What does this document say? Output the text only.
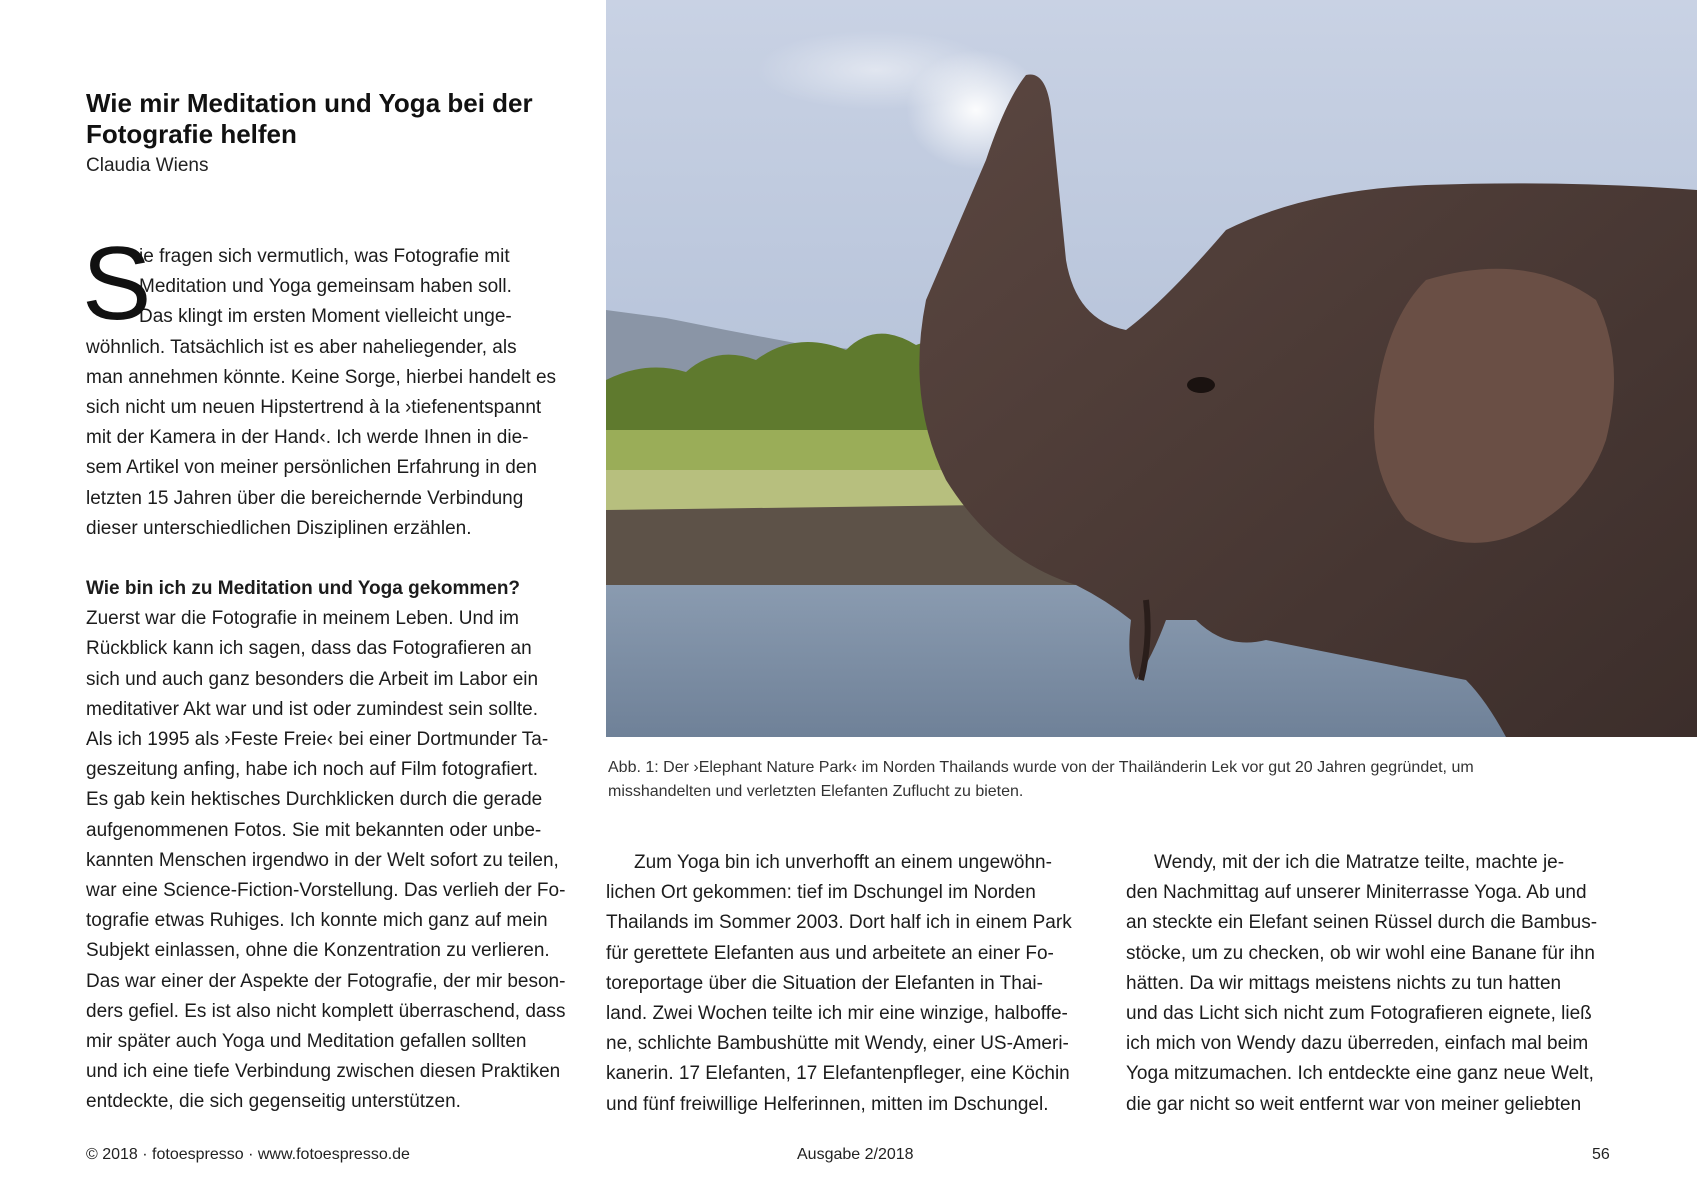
Wie mir Meditation und Yoga bei der
Fotografie helfen
Claudia Wiens
S

ie fragen sich vermutlich, was Fotografie mit

Meditation und Yoga gemeinsam haben soll.

Das klingt im ersten Moment vielleicht unge-

wöhnlich. Tatsächlich ist es aber naheliegender, als

man annehmen könnte. Keine Sorge, hierbei handelt es

sich nicht um neuen Hipstertrend à la ›tiefenentspannt

mit der Kamera in der Hand‹. Ich werde Ihnen in die-

sem Artikel von meiner persönlichen Erfahrung in den

letzten 15 Jahren über die bereichernde Verbindung

dieser unterschiedlichen Disziplinen erzählen.

Wie bin ich zu Meditation und Yoga gekommen?

Zuerst war die Fotografie in meinem Leben. Und im

Rückblick kann ich sagen, dass das Fotografieren an

sich und auch ganz besonders die Arbeit im Labor ein

meditativer Akt war und ist oder zumindest sein sollte.

Als ich 1995 als ›Feste Freie‹ bei einer Dortmunder Ta-

geszeitung anfing, habe ich noch auf Film fotografiert.

Es gab kein hektisches Durchklicken durch die gerade

aufgenommenen Fotos. Sie mit bekannten oder unbe-

kannten Menschen irgendwo in der Welt sofort zu teilen,

war eine Science-Fiction-Vorstellung. Das verlieh der Fo-

tografie etwas Ruhiges. Ich konnte mich ganz auf mein

Subjekt einlassen, ohne die Konzentration zu verlieren.

Das war einer der Aspekte der Fotografie, der mir beson-

ders gefiel. Es ist also nicht komplett überraschend, dass

mir später auch Yoga und Meditation gefallen sollten

und ich eine tiefe Verbindung zwischen diesen Praktiken

entdeckte, die sich gegenseitig unterstützen.

Abb. 1: Der ›Elephant Nature Park‹ im Norden Thailands wurde von der Thailänderin Lek vor gut 20 Jahren gegründet, um

misshandelten und verletzten Elefanten Zuflucht zu bieten.

Zum Yoga bin ich unverhofft an einem ungewöhn-

lichen Ort gekommen: tief im Dschungel im Norden

Thailands im Sommer 2003. Dort half ich in einem Park

für gerettete Elefanten aus und arbeitete an einer Fo-

toreportage über die Situation der Elefanten in Thai-

land. Zwei Wochen teilte ich mir eine winzige, halboffe-

ne, schlichte Bambushütte mit Wendy, einer US-Ameri-

kanerin. 17 Elefanten, 17 Elefantenpfleger, eine Köchin

und fünf freiwillige Helferinnen, mitten im Dschungel.

Wendy, mit der ich die Matratze teilte, machte je-

den Nachmittag auf unserer Miniterrasse Yoga. Ab und

an steckte ein Elefant seinen Rüssel durch die Bambus-

stöcke, um zu checken, ob wir wohl eine Banane für ihn

hätten. Da wir mittags meistens nichts zu tun hatten

und das Licht sich nicht zum Fotografieren eignete, ließ

ich mich von Wendy dazu überreden, einfach mal beim

Yoga mitzumachen. Ich entdeckte eine ganz neue Welt,

die gar nicht so weit entfernt war von meiner geliebten

© 2018 · fotoespresso · www.fotoespresso.de	Ausgabe 2/2018	56
